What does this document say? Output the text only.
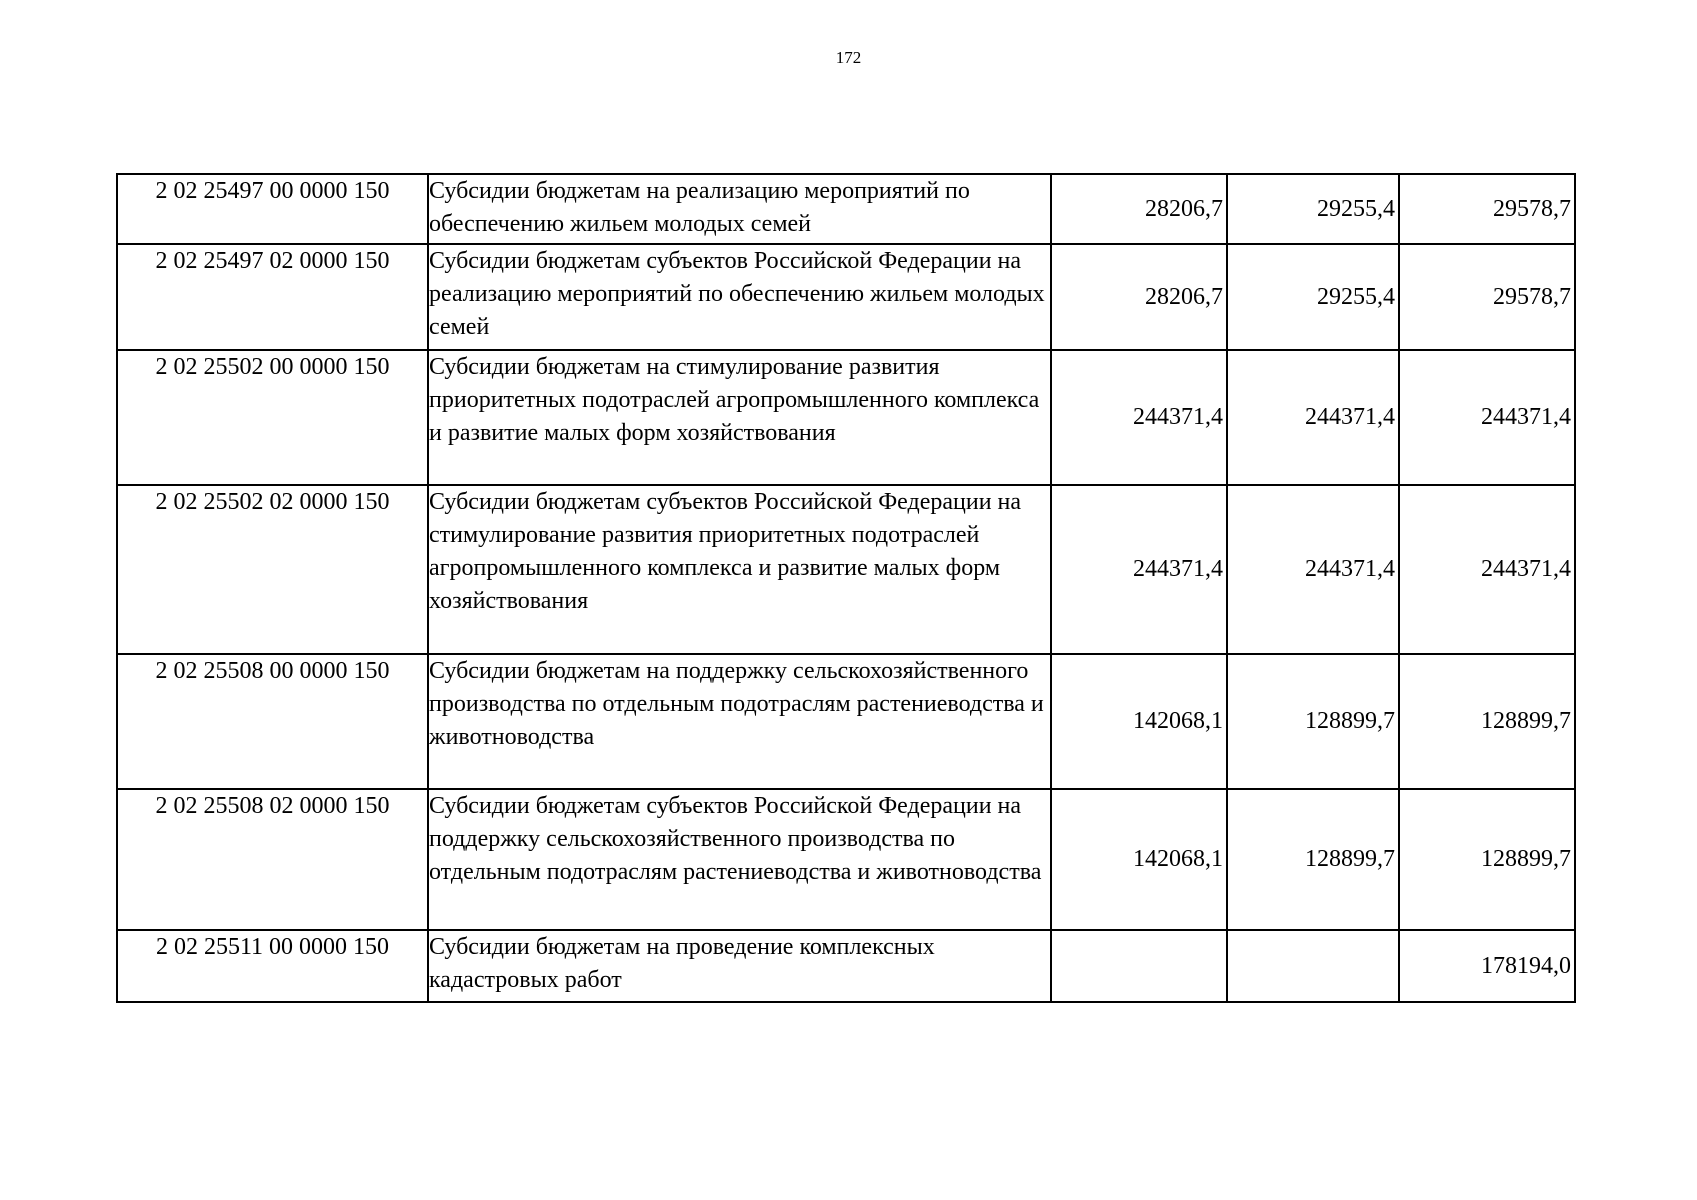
172
2 02 25497 00 0000 150	Субсидии бюджетам на реализацию мероприятий по обеспечению жильем молодых семей	28206,7	29255,4	29578,7
2 02 25497 02 0000 150	Субсидии бюджетам субъектов Российской Федерации на реализацию мероприятий по обеспечению жильем молодых семей	28206,7	29255,4	29578,7
2 02 25502 00 0000 150	Субсидии бюджетам на стимулирование развития приоритетных подотраслей агропромышленного комплекса и развитие малых форм хозяйствования	244371,4	244371,4	244371,4
2 02 25502 02 0000 150	Субсидии бюджетам субъектов Российской Федерации на стимулирование развития приоритетных подотраслей агропромышленного комплекса и развитие малых форм хозяйствования	244371,4	244371,4	244371,4
2 02 25508 00 0000 150	Субсидии бюджетам на поддержку сельскохозяйственного производства по отдельным подотраслям растениеводства и животноводства	142068,1	128899,7	128899,7
2 02 25508 02 0000 150	Субсидии бюджетам субъектов Российской Федерации на поддержку сельскохозяйственного производства по отдельным подотраслям растениеводства и животноводства	142068,1	128899,7	128899,7
2 02 25511 00 0000 150	Субсидии бюджетам на проведение комплексных кадастровых работ			178194,0
